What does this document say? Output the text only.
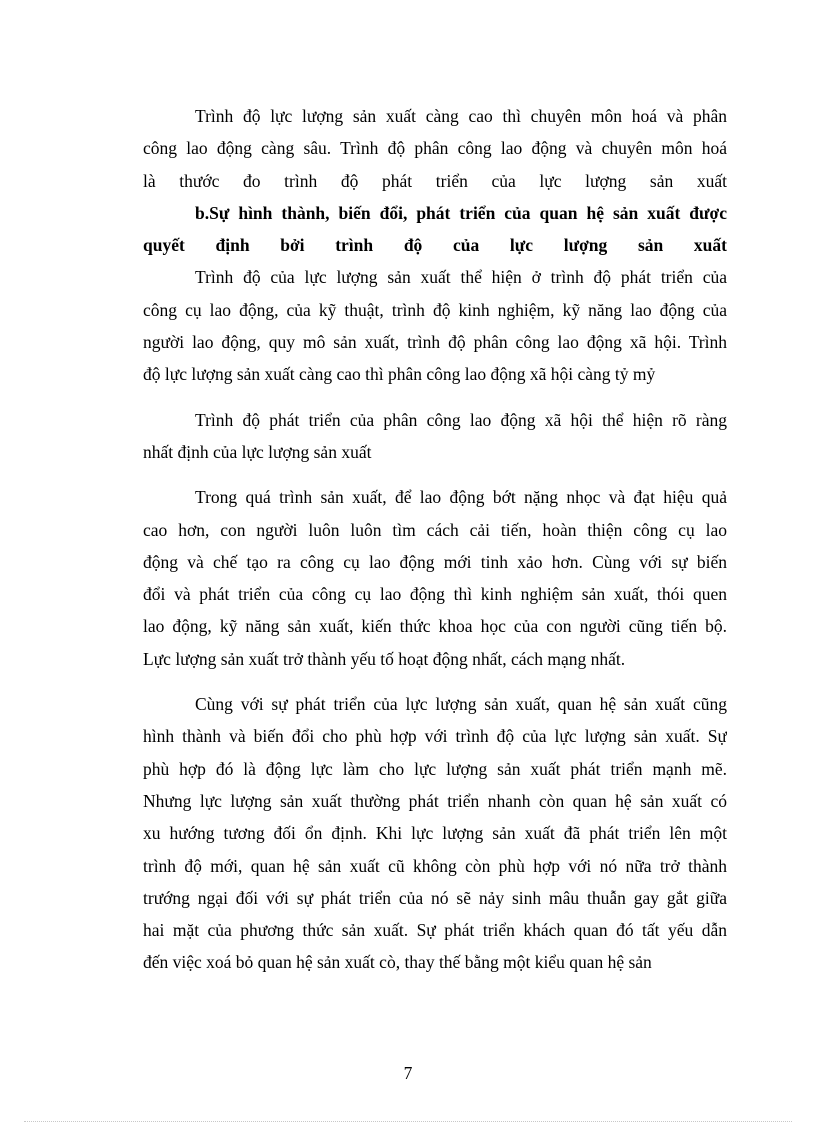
Trình độ lực lượng sản xuất càng cao thì chuyên môn hoá và phân
công lao động càng sâu. Trình độ phân công lao động và chuyên môn hoá
là thước đo trình độ phát triển của lực lượng sản xuất
b.Sự hình thành, biến đổi, phát triển của quan hệ sản xuất được
quyết định bởi trình độ của lực lượng sản xuất
Trình độ của lực lượng sản xuất thể hiện ở trình độ phát triển của
công cụ lao động, của kỹ thuật, trình độ kinh nghiệm, kỹ năng lao động của
người lao động, quy mô sản xuất, trình độ phân công lao động xã hội. Trình
độ lực lượng sản xuất càng cao thì phân công lao động xã hội càng tỷ mỷ
Trình độ phát triển của phân công lao động xã hội thể hiện rõ ràng
nhất định của lực lượng sản xuất
Trong quá trình sản xuất, để lao động bớt nặng nhọc và đạt hiệu quả
cao hơn, con người luôn luôn tìm cách cải tiến, hoàn thiện công cụ lao
động và chế tạo ra công cụ lao động mới tinh xảo hơn. Cùng với sự biến
đổi và phát triển của công cụ lao động thì kinh nghiệm sản xuất, thói quen
lao động, kỹ năng sản xuất, kiến thức khoa học của con người cũng tiến bộ.
Lực lượng sản xuất trở thành yếu tố hoạt động nhất, cách mạng nhất.
Cùng với sự phát triển của lực lượng sản xuất, quan hệ sản xuất cũng
hình thành và biến đổi cho phù hợp với trình độ của lực lượng sản xuất. Sự
phù hợp đó là động lực làm cho lực lượng sản xuất phát triển mạnh mẽ.
Nhưng lực lượng sản xuất thường phát triển nhanh còn quan hệ sản xuất có
xu hướng tương đối ổn định. Khi lực lượng sản xuất đã phát triển lên một
trình độ mới, quan hệ sản xuất cũ không còn phù hợp với nó nữa trở thành
trướng ngại đối với sự phát triển của nó sẽ nảy sinh mâu thuẫn gay gắt giữa
hai mặt của phương thức sản xuất. Sự phát triển khách quan đó tất yếu dẫn
đến việc xoá bỏ quan hệ sản xuất cò, thay thế bằng một kiểu quan hệ sản
7
